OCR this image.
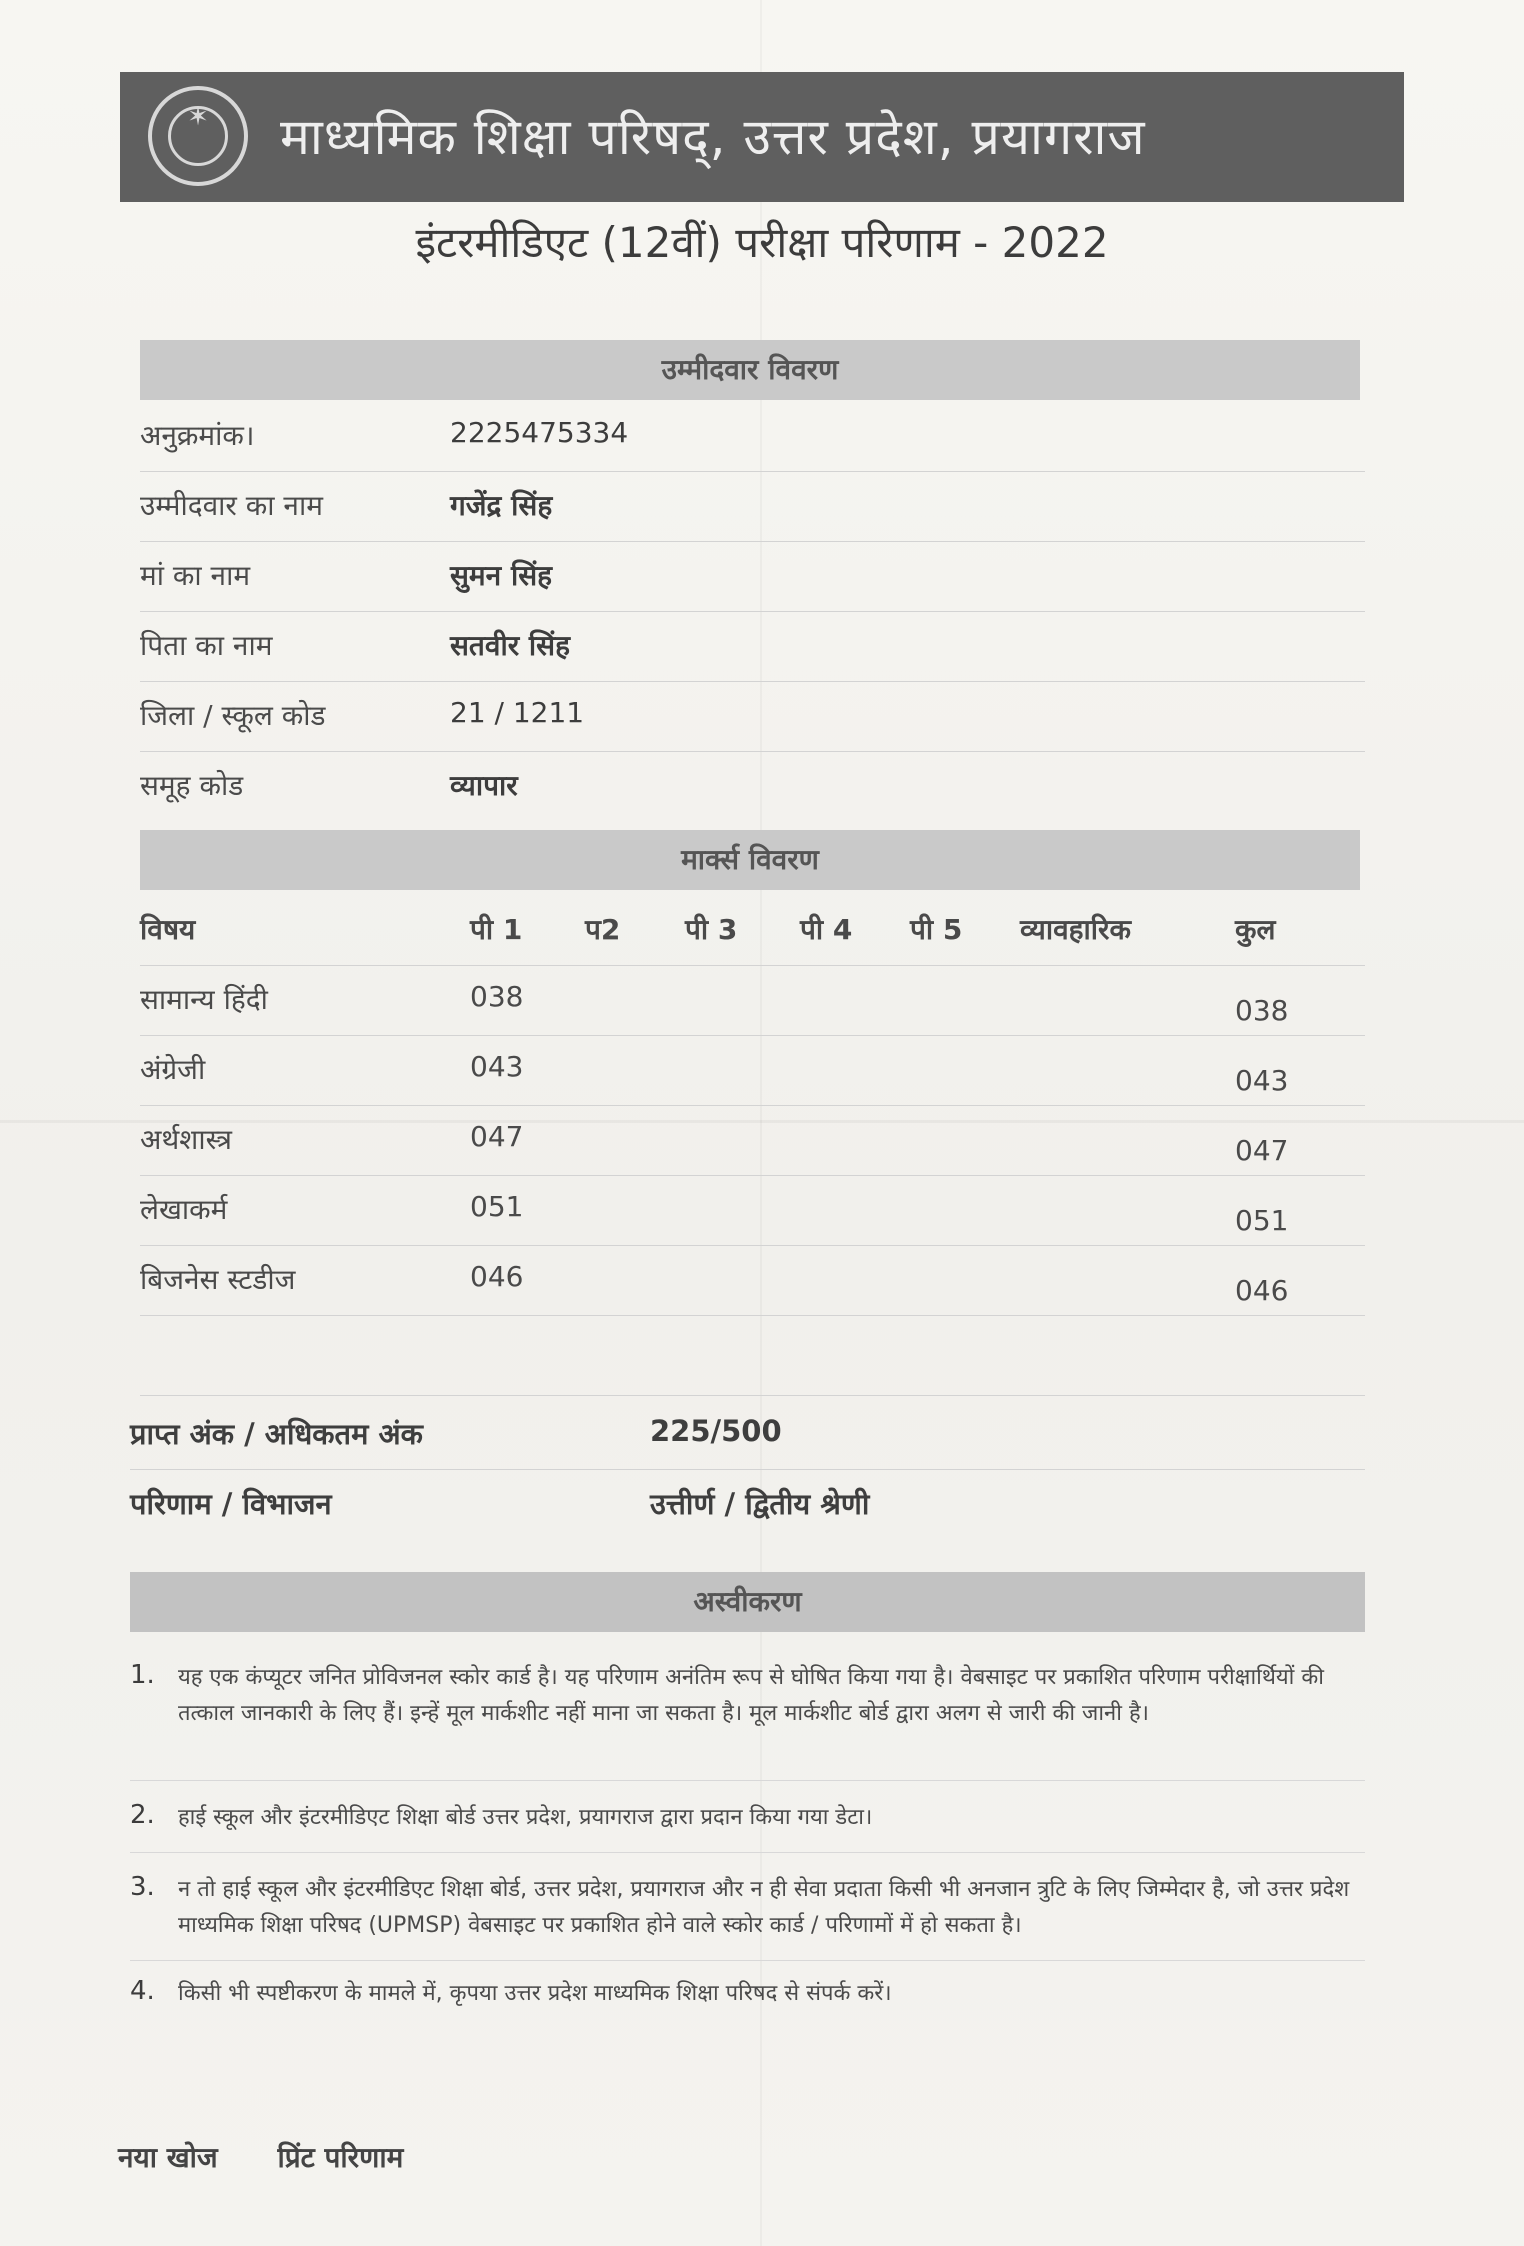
✶	माध्यमिक शिक्षा परिषद्, उत्तर प्रदेश, प्रयागराज
इंटरमीडिएट (12वीं) परीक्षा परिणाम - 2022
उम्मीदवार विवरण
अनुक्रमांक।	2225475334
उम्मीदवार का नाम	गजेंद्र सिंह
मां का नाम	सुमन सिंह
पिता का नाम	सतवीर सिंह
जिला / स्कूल कोड	21 / 1211
समूह कोड	व्यापार
मार्क्स विवरण
विषय	पी 1 प2 पी 3 पी 4 पी 5 व्यावहारिक	कुल
सामान्य हिंदी	038	038
अंग्रेजी	043	043
अर्थशास्त्र	047	047
लेखाकर्म	051	051
बिजनेस स्टडीज	046	046
प्राप्त अंक / अधिकतम अंक	225/500
परिणाम / विभाजन	उत्तीर्ण / द्वितीय श्रेणी
अस्वीकरण
1. यह एक कंप्यूटर जनित प्रोविजनल स्कोर कार्ड है। यह परिणाम अनंतिम रूप से घोषित किया गया है। वेबसाइट पर प्रकाशित परिणाम परीक्षार्थियों की तत्काल जानकारी के लिए हैं। इन्हें मूल मार्कशीट नहीं माना जा सकता है। मूल मार्कशीट बोर्ड द्वारा अलग से जारी की जानी है।
2. हाई स्कूल और इंटरमीडिएट शिक्षा बोर्ड उत्तर प्रदेश, प्रयागराज द्वारा प्रदान किया गया डेटा।
3. न तो हाई स्कूल और इंटरमीडिएट शिक्षा बोर्ड, उत्तर प्रदेश, प्रयागराज और न ही सेवा प्रदाता किसी भी अनजान त्रुटि के लिए जिम्मेदार है, जो उत्तर प्रदेश माध्यमिक शिक्षा परिषद (UPMSP) वेबसाइट पर प्रकाशित होने वाले स्कोर कार्ड / परिणामों में हो सकता है।
4. किसी भी स्पष्टीकरण के मामले में, कृपया उत्तर प्रदेश माध्यमिक शिक्षा परिषद से संपर्क करें।
नया खोज प्रिंट परिणाम
